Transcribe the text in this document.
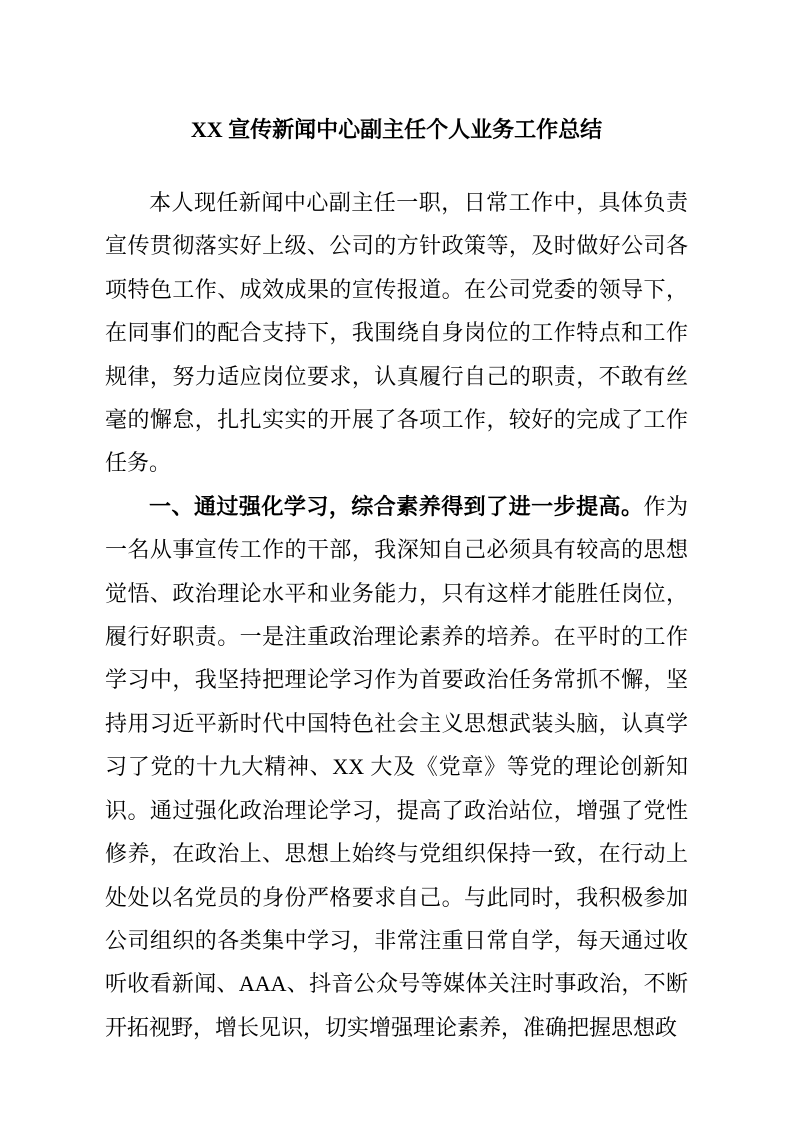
XX 宣传新闻中心副主任个人业务工作总结

本人现任新闻中心副主任一职，日常工作中，具体负责宣传贯彻落实好上级、公司的方针政策等，及时做好公司各项特色工作、成效成果的宣传报道。在公司党委的领导下，在同事们的配合支持下，我围绕自身岗位的工作特点和工作规律，努力适应岗位要求，认真履行自己的职责，不敢有丝毫的懈怠，扎扎实实的开展了各项工作，较好的完成了工作任务。

一、通过强化学习，综合素养得到了进一步提高。作为一名从事宣传工作的干部，我深知自己必须具有较高的思想觉悟、政治理论水平和业务能力，只有这样才能胜任岗位，履行好职责。一是注重政治理论素养的培养。在平时的工作学习中，我坚持把理论学习作为首要政治任务常抓不懈，坚持用习近平新时代中国特色社会主义思想武装头脑，认真学习了党的十九大精神、XX 大及《党章》等党的理论创新知识。通过强化政治理论学习，提高了政治站位，增强了党性修养，在政治上、思想上始终与党组织保持一致，在行动上处处以名党员的身份严格要求自己。与此同时，我积极参加公司组织的各类集中学习，非常注重日常自学，每天通过收听收看新闻、AAA、抖音公众号等媒体关注时事政治，不断开拓视野，增长见识，切实增强理论素养，准确把握思想政
